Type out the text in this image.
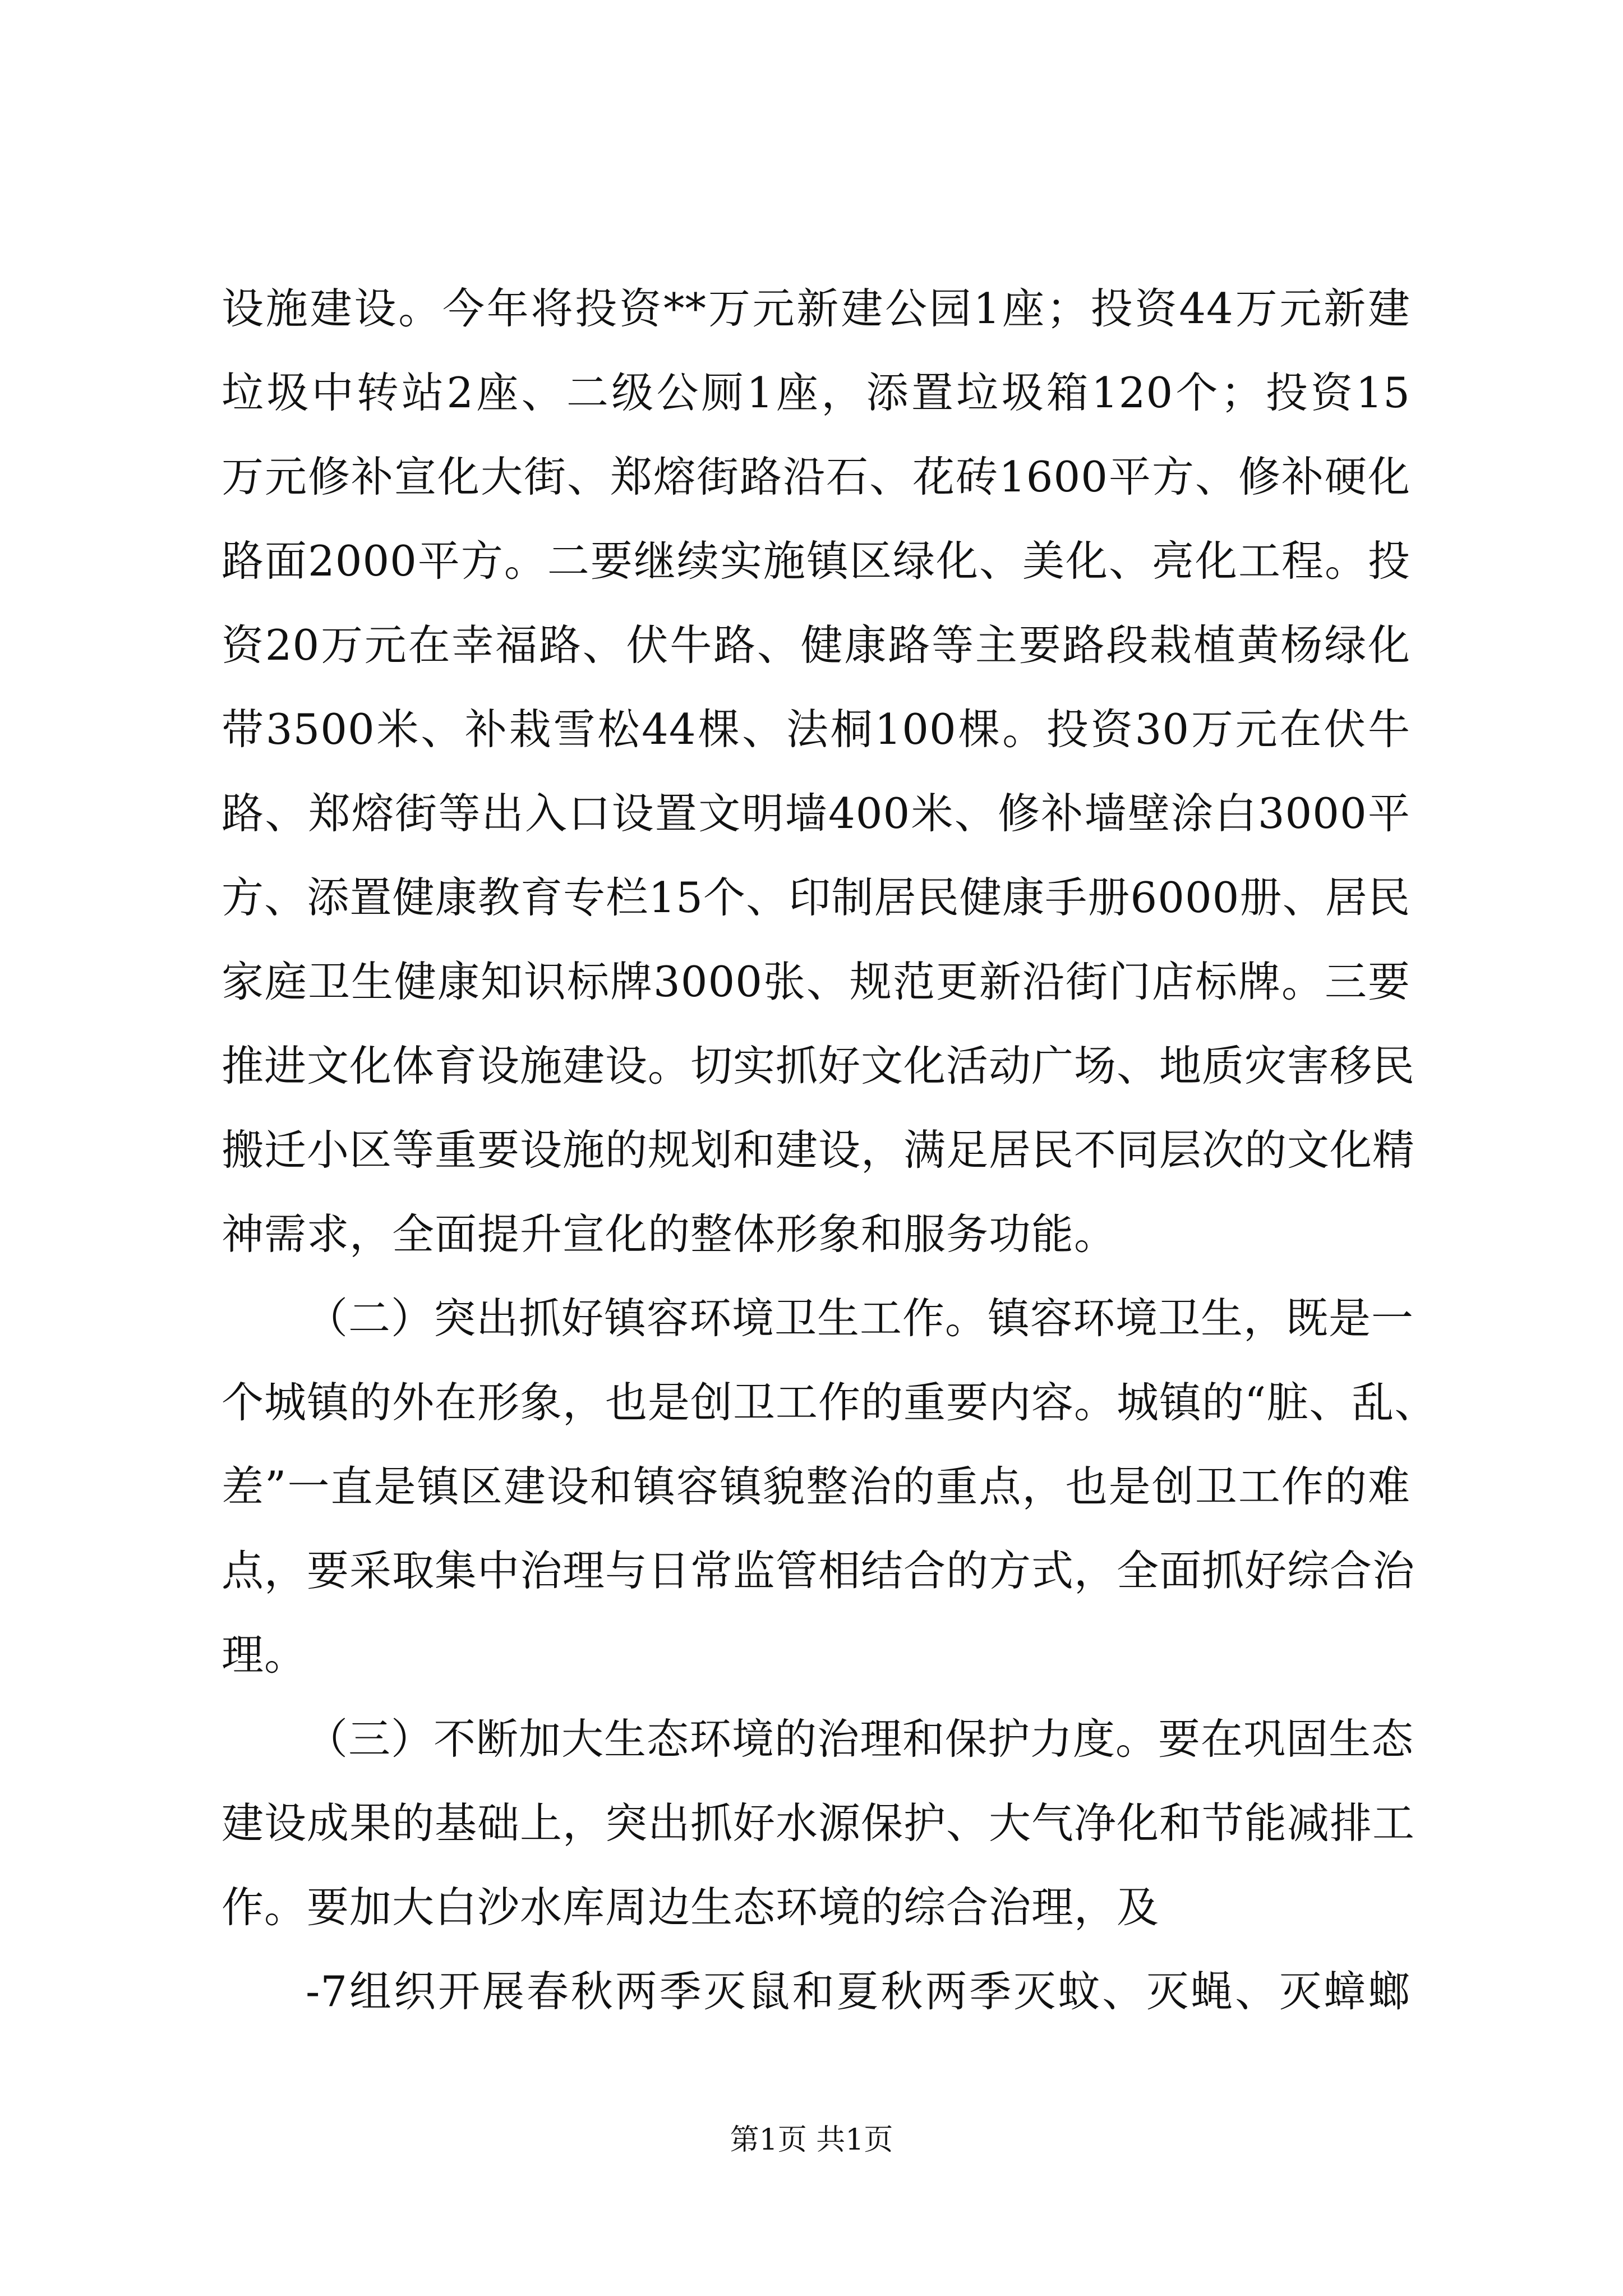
设施建设。今年将投资**万元新建公园1座；投资44万元新建
垃圾中转站2座、二级公厕1座，添置垃圾箱120个；投资15
万元修补宣化大街、郑熔街路沿石、花砖1600平方、修补硬化
路面2000平方。二要继续实施镇区绿化、美化、亮化工程。投
资20万元在幸福路、伏牛路、健康路等主要路段栽植黄杨绿化
带3500米、补栽雪松44棵、法桐100棵。投资30万元在伏牛
路、郑熔街等出入口设置文明墙400米、修补墙壁涂白3000平
方、添置健康教育专栏15个、印制居民健康手册6000册、居民
家庭卫生健康知识标牌3000张、规范更新沿街门店标牌。三要
推进文化体育设施建设。切实抓好文化活动广场、地质灾害移民
搬迁小区等重要设施的规划和建设，满足居民不同层次的文化精
神需求，全面提升宣化的整体形象和服务功能。
（二）突出抓好镇容环境卫生工作。镇容环境卫生，既是一
个城镇的外在形象，也是创卫工作的重要内容。城镇的“脏、乱、
差”一直是镇区建设和镇容镇貌整治的重点，也是创卫工作的难
点，要采取集中治理与日常监管相结合的方式，全面抓好综合治
理。
（三）不断加大生态环境的治理和保护力度。要在巩固生态
建设成果的基础上，突出抓好水源保护、大气净化和节能减排工
作。要加大白沙水库周边生态环境的综合治理，及
-7组织开展春秋两季灭鼠和夏秋两季灭蚊、灭蝇、灭蟑螂
第1页 共1页
